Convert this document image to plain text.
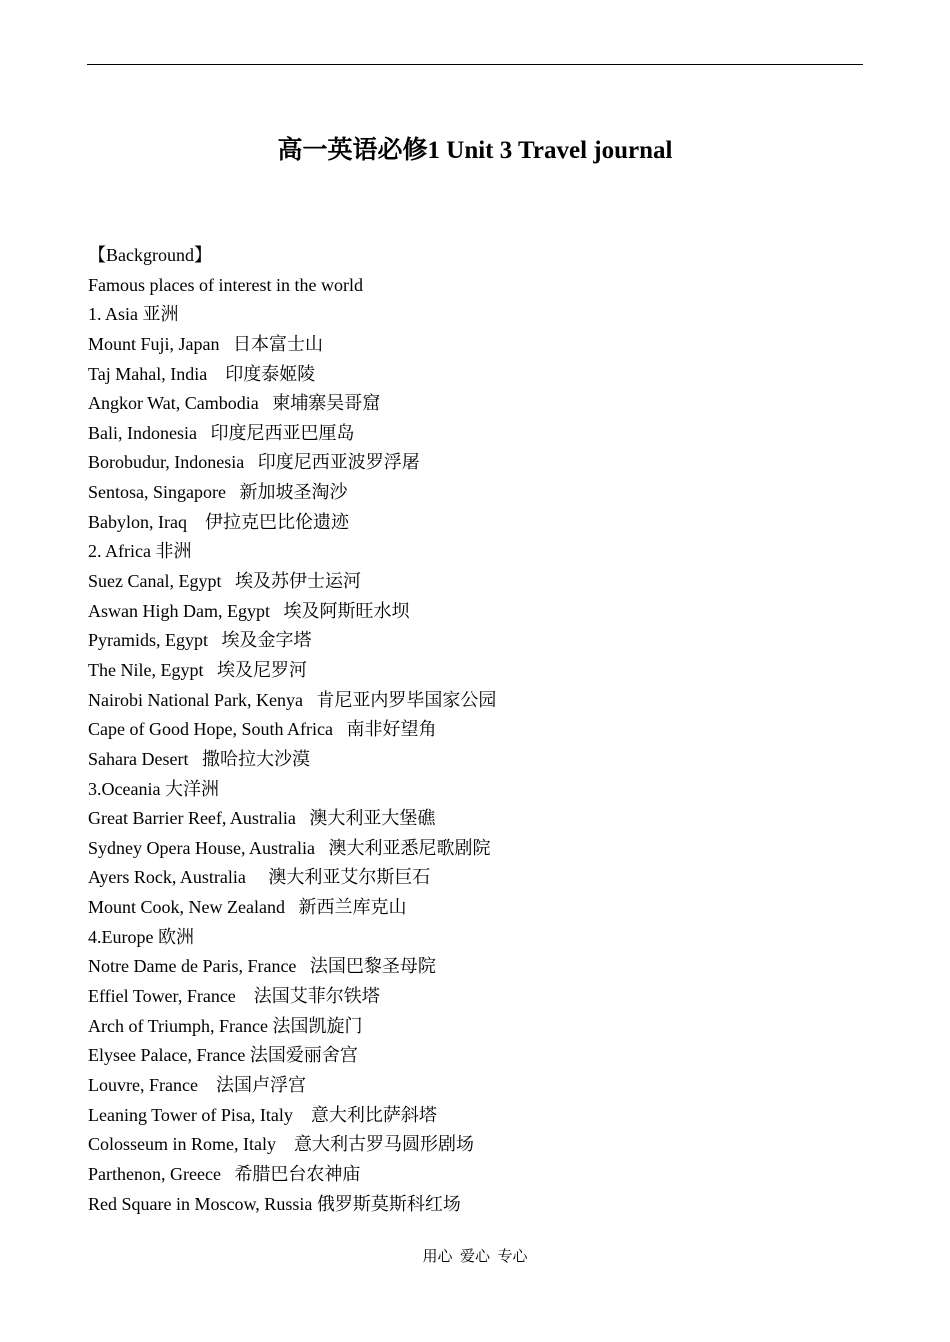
高一英语必修1 Unit 3 Travel journal
【Background】
Famous places of interest in the world
1. Asia 亚洲
Mount Fuji, Japan   日本富士山
Taj Mahal, India    印度泰姬陵
Angkor Wat, Cambodia   柬埔寨吴哥窟
Bali, Indonesia   印度尼西亚巴厘岛
Borobudur, Indonesia   印度尼西亚波罗浮屠
Sentosa, Singapore   新加坡圣淘沙
Babylon, Iraq    伊拉克巴比伦遗迹
2. Africa 非洲
Suez Canal, Egypt   埃及苏伊士运河
Aswan High Dam, Egypt   埃及阿斯旺水坝
Pyramids, Egypt   埃及金字塔
The Nile, Egypt   埃及尼罗河
Nairobi National Park, Kenya   肯尼亚内罗毕国家公园
Cape of Good Hope, South Africa   南非好望角
Sahara Desert   撒哈拉大沙漠
3.Oceania 大洋洲
Great Barrier Reef, Australia   澳大利亚大堡礁
Sydney Opera House, Australia   澳大利亚悉尼歌剧院
Ayers Rock, Australia     澳大利亚艾尔斯巨石
Mount Cook, New Zealand   新西兰库克山
4.Europe 欧洲
Notre Dame de Paris, France   法国巴黎圣母院
Effiel Tower, France    法国艾菲尔铁塔
Arch of Triumph, France 法国凯旋门
Elysee Palace, France 法国爱丽舍宫
Louvre, France    法国卢浮宫
Leaning Tower of Pisa, Italy    意大利比萨斜塔
Colosseum in Rome, Italy    意大利古罗马圆形剧场
Parthenon, Greece   希腊巴台农神庙
Red Square in Moscow, Russia 俄罗斯莫斯科红场
用心  爱心  专心
